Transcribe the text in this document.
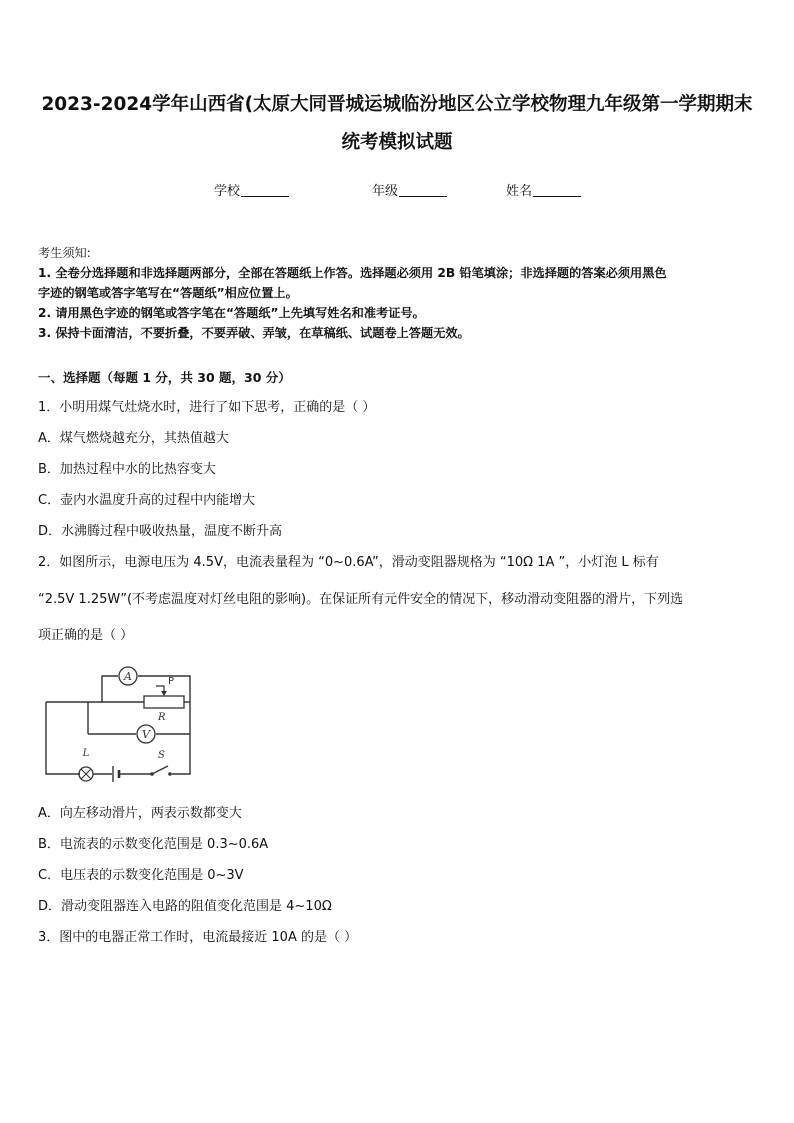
2023-2024学年山西省(太原大同晋城运城临汾地区公立学校物理九年级第一学期期末
统考模拟试题
学校	年级	姓名
考生须知:
1. 全卷分选择题和非选择题两部分，全部在答题纸上作答。选择题必须用 2B 铅笔填涂；非选择题的答案必须用黑色
字迹的钢笔或答字笔写在“答题纸”相应位置上。
2. 请用黑色字迹的钢笔或答字笔在“答题纸”上先填写姓名和准考证号。
3. 保持卡面清洁，不要折叠，不要弄破、弄皱，在草稿纸、试题卷上答题无效。
一、选择题（每题 1 分，共 30 题，30 分）
1．小明用煤气灶烧水时，进行了如下思考，正确的是（ ）
A．煤气燃烧越充分，其热值越大
B．加热过程中水的比热容变大
C．壶内水温度升高的过程中内能增大
D．水沸腾过程中吸收热量，温度不断升高
2．如图所示，电源电压为 4.5V，电流表量程为 “0~0.6A”，滑动变阻器规格为 “10Ω 1A ”，小灯泡 L 标有
“2.5V 1.25W”(不考虑温度对灯丝电阻的影响)。在保证所有元件安全的情况下，移动滑动变阻器的滑片，下列选
项正确的是（ ）
A	P
R
V
L	S
A．向左移动滑片，两表示数都变大
B．电流表的示数变化范围是 0.3~0.6A
C．电压表的示数变化范围是 0~3V
D．滑动变阻器连入电路的阻值变化范围是 4~10Ω
3．图中的电器正常工作时，电流最接近 10A 的是（ ）
